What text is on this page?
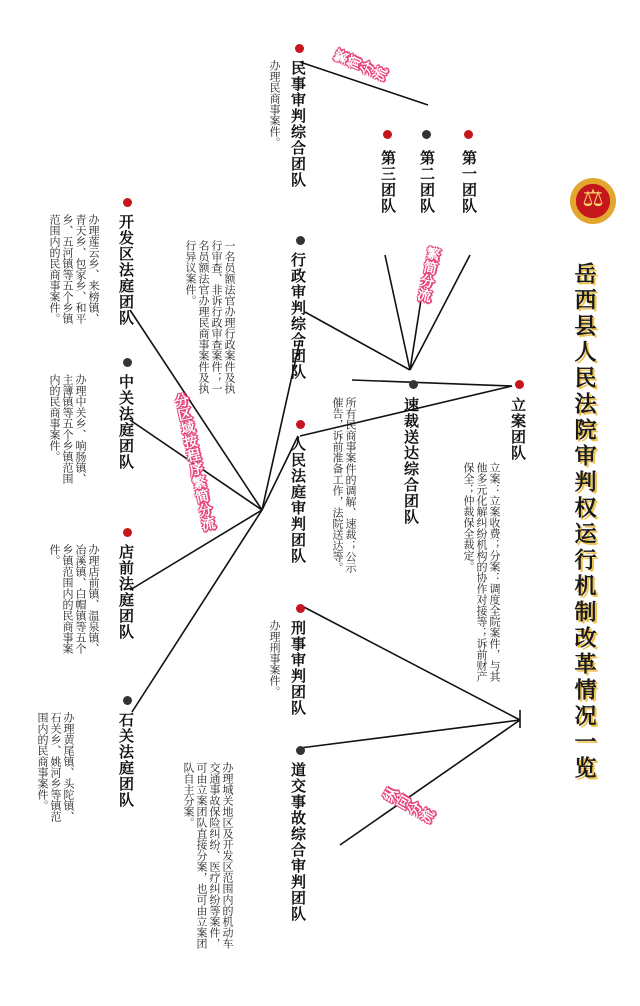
⚖
岳西县人民法院审判权运行机制改革情况一览
繁简分流
繁简分流
分区域按程序繁简分流
纵向分流
立案团队
立案：立案收费；分案：调度全院案件，与其他多元化解纠纷机构的协作对接等；诉前财产保全；仲裁保全裁定。
速裁送达综合团队
所有民商事案件的调解、速裁；公示催告，诉前准备工作，法院送达等。
第一团队
第二团队
第三团队
民事审判综合团队
办理民商事案件。
行政审判综合团队
一名员额法官办理行政案件及执行审查、非诉行政审查案件；一名员额法官办理民商事案件及执行异议案件。
开发区法庭团队
办理莲云乡、来榜镇、青天乡、包家乡、和平乡、五河镇等五个乡镇范围内的民商事案件。
人民法庭审判团队
中关法庭团队
办理中关乡、响肠镇、主簿镇等五个乡镇范围内的民商事案件。
店前法庭团队
办理店前镇、温泉镇、冶溪镇、白帽镇等五个乡镇范围内的民商事案件。
石关法庭团队
办理黄尾镇、头陀镇、石关乡、姚河乡等镇范围内的民商事案件。
刑事审判团队
办理刑事案件。
道交事故综合审判团队
办理城关地区及开发区范围内的机动车交通事故保险纠纷、医疗纠纷等案件，可由立案团队直接分案，也可由立案团队自主分案。
